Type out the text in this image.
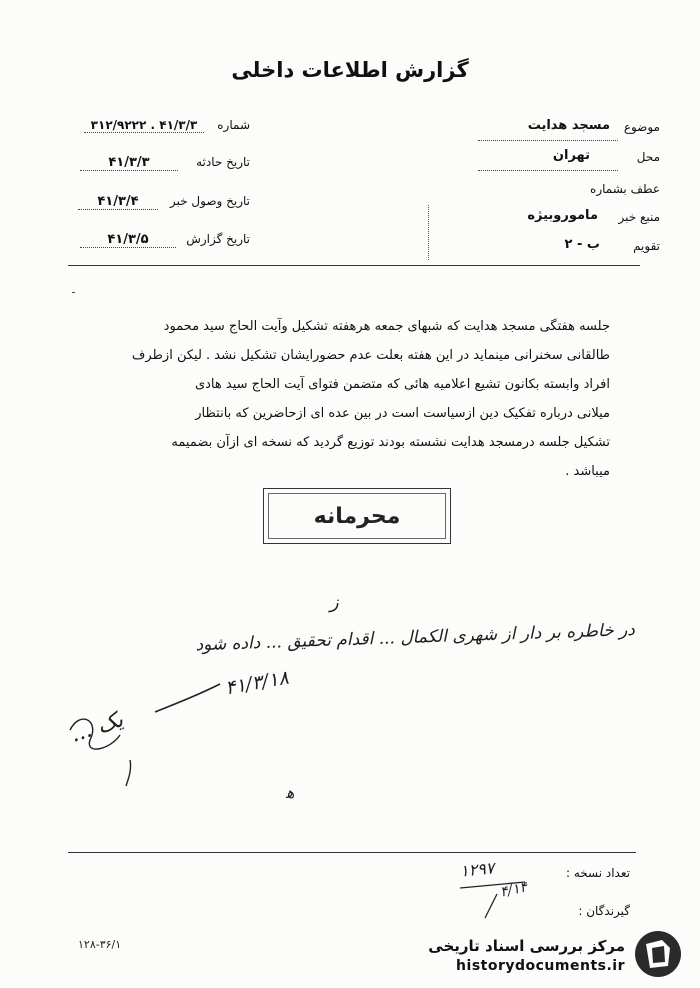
گزارش اطلاعات داخلی
شماره
۳۱۲/۹۲۲۲ . ۴۱/۳/۳
تاریخ حادثه
۴۱/۳/۳
تاریخ وصول خبر
۴۱/۳/۴
تاریخ گزارش
۴۱/۳/۵
موضوع
مسجد هدایت
محل
تهران
عطف بشماره
منبع خبر
ماموروبیژه
تقویم
ب - ۲
ـ

جلسه هفتگی مسجد هدایت که شبهای جمعه هرهفته تشکیل وآیت الحاج سید محمود

طالقانی سخنرانی مینماید در این هفته بعلت عدم حضورایشان تشکیل نشد . لیکن ازطرف

افراد وابسته بکانون تشیع اعلامیه هائی که متضمن فتوای آیت الحاج سید هادی

میلانی درباره تفکیک دین ازسیاست است در بین عده ای ازحاضرین که بانتظار

تشکیل جلسه درمسجد هدایت نشسته بودند توزیع گردید که نسخه ای ازآن بضمیمه

میباشد .

محرمانه
ز
در خاطره بر دار از شهری الکمال ... اقدام تحقیق ... داده شود
۴۱/۳/۱۸
یک ...
ﻫ
تعداد نسخه :
۱۲۹۷
۴/۱۴
گیرندگان :
۱۲۸-۳۶/۱	مرکز بررسی اسناد تاریخی
historydocuments.ir
